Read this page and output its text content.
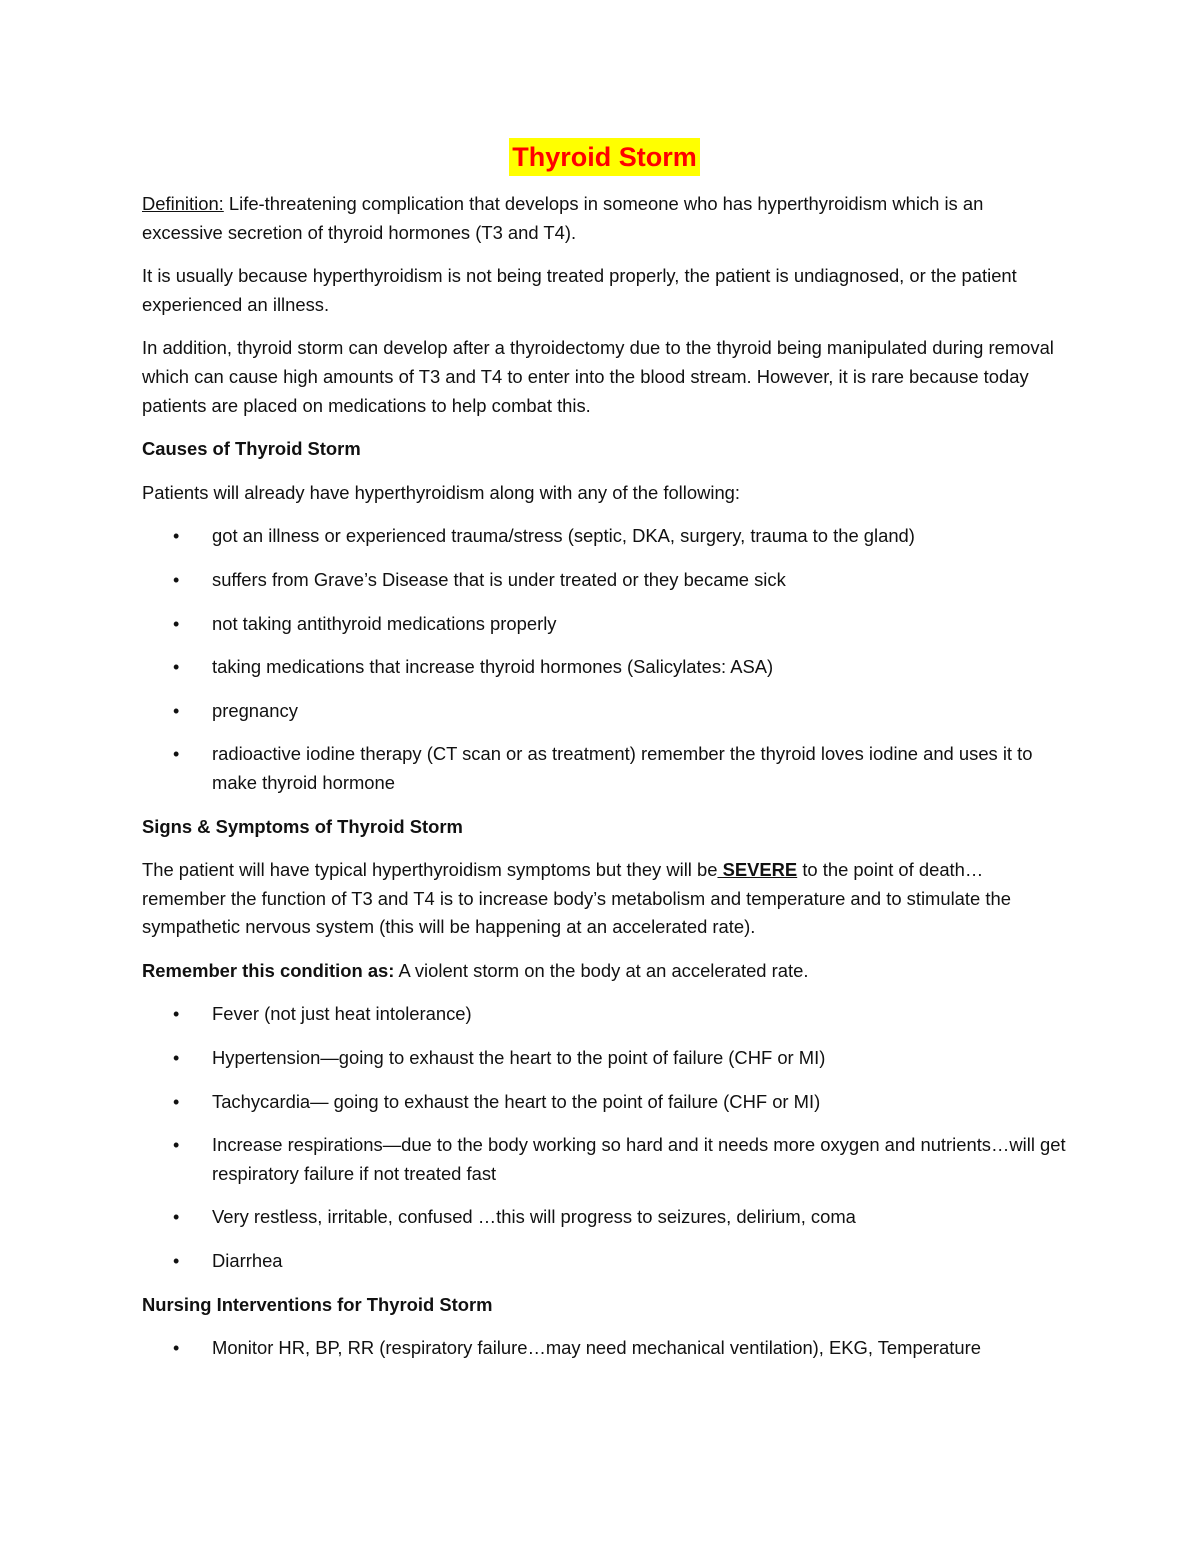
Thyroid Storm

Definition: Life-threatening complication that develops in someone who has hyperthyroidism which is an excessive secretion of thyroid hormones (T3 and T4).

It is usually because hyperthyroidism is not being treated properly, the patient is undiagnosed, or the patient experienced an illness.

In addition, thyroid storm can develop after a thyroidectomy due to the thyroid being manipulated during removal which can cause high amounts of T3 and T4 to enter into the blood stream. However, it is rare because today patients are placed on medications to help combat this.

Causes of Thyroid Storm

Patients will already have hyperthyroidism along with any of the following:

• got an illness or experienced trauma/stress (septic, DKA, surgery, trauma to the gland)
• suffers from Grave’s Disease that is under treated or they became sick
• not taking antithyroid medications properly
• taking medications that increase thyroid hormones (Salicylates: ASA)
• pregnancy
• radioactive iodine therapy (CT scan or as treatment) remember the thyroid loves iodine and uses it to make thyroid hormone
Signs & Symptoms of Thyroid Storm

The patient will have typical hyperthyroidism symptoms but they will be SEVERE to the point of death… remember the function of T3 and T4 is to increase body’s metabolism and temperature and to stimulate the sympathetic nervous system (this will be happening at an accelerated rate).

Remember this condition as: A violent storm on the body at an accelerated rate.

• Fever (not just heat intolerance)
• Hypertension—going to exhaust the heart to the point of failure (CHF or MI)
• Tachycardia— going to exhaust the heart to the point of failure (CHF or MI)
• Increase respirations—due to the body working so hard and it needs more oxygen and nutrients…will get respiratory failure if not treated fast
• Very restless, irritable, confused …this will progress to seizures, delirium, coma
• Diarrhea
Nursing Interventions for Thyroid Storm
• Monitor HR, BP, RR (respiratory failure…may need mechanical ventilation), EKG, Temperature
